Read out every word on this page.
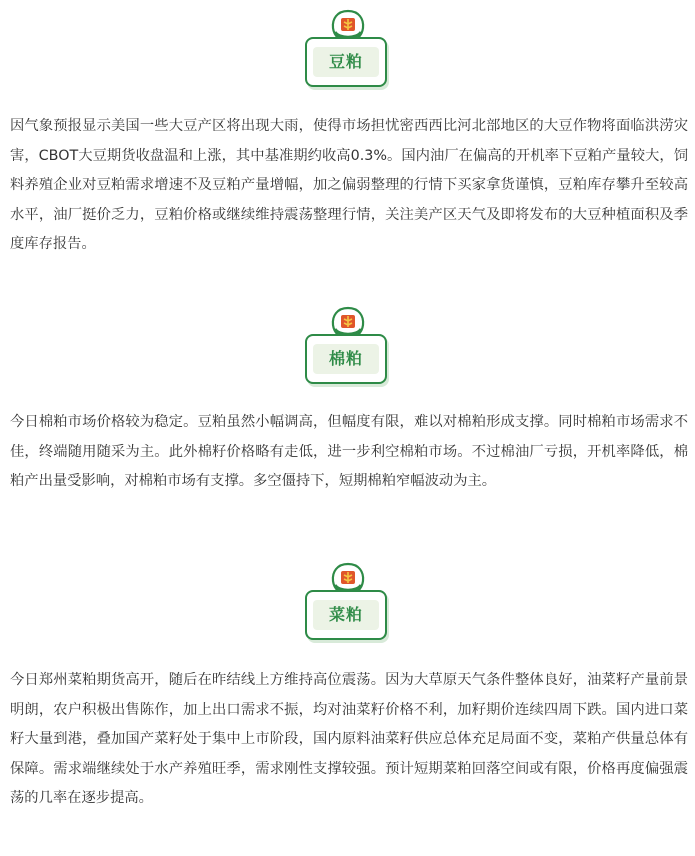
豆粕

因气象预报显示美国一些大豆产区将出现大雨，使得市场担忧密西西比河北部地区的大豆作物将面临洪涝灾害，CBOT大豆期货收盘温和上涨，其中基准期约收高0.3%。国内油厂在偏高的开机率下豆粕产量较大，饲料养殖企业对豆粕需求增速不及豆粕产量增幅，加之偏弱整理的行情下买家拿货谨慎，豆粕库存攀升至较高水平，油厂挺价乏力，豆粕价格或继续维持震荡整理行情，关注美产区天气及即将发布的大豆种植面积及季度库存报告。

棉粕

今日棉粕市场价格较为稳定。豆粕虽然小幅调高，但幅度有限，难以对棉粕形成支撑。同时棉粕市场需求不佳，终端随用随采为主。此外棉籽价格略有走低，进一步利空棉粕市场。不过棉油厂亏损，开机率降低，棉粕产出量受影响，对棉粕市场有支撑。多空僵持下，短期棉粕窄幅波动为主。

菜粕

今日郑州菜粕期货高开，随后在昨结线上方维持高位震荡。因为大草原天气条件整体良好，油菜籽产量前景明朗，农户积极出售陈作，加上出口需求不振，均对油菜籽价格不利，加籽期价连续四周下跌。国内进口菜籽大量到港，叠加国产菜籽处于集中上市阶段，国内原料油菜籽供应总体充足局面不变，菜粕产供量总体有保障。需求端继续处于水产养殖旺季，需求刚性支撑较强。预计短期菜粕回落空间或有限，价格再度偏强震荡的几率在逐步提高。
